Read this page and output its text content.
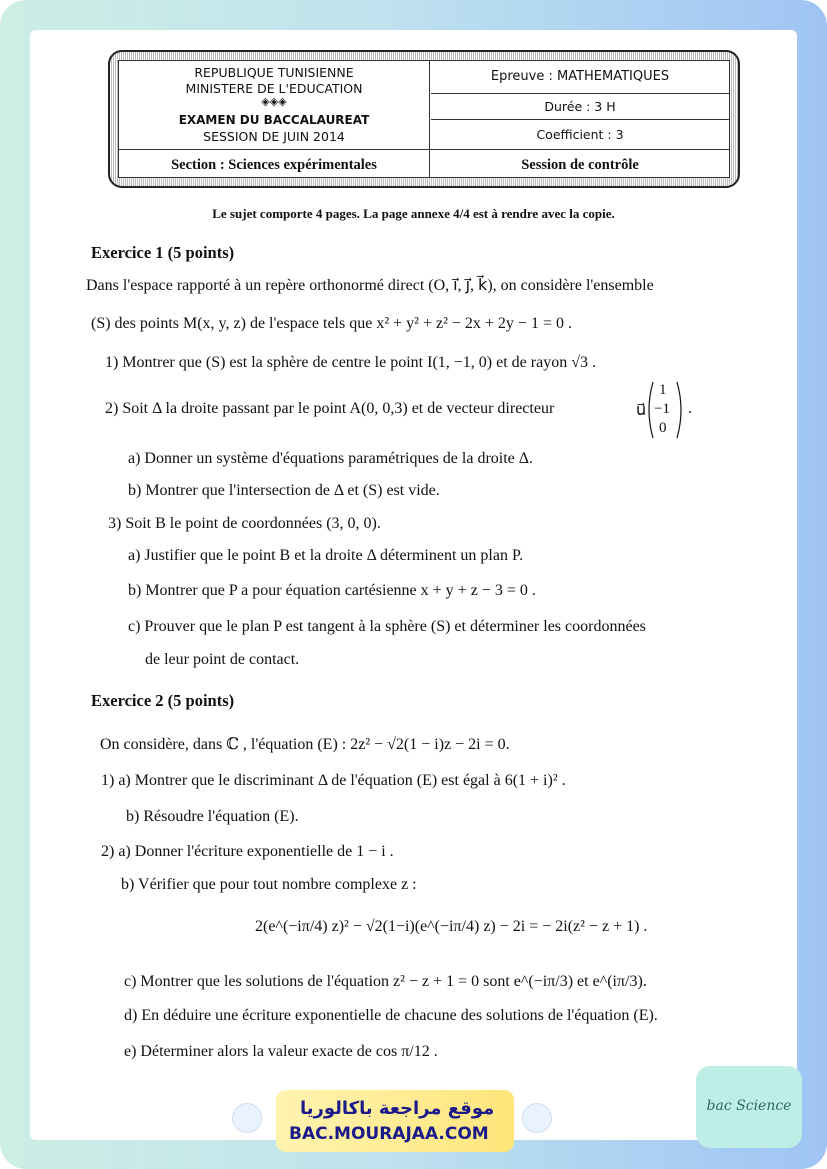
REPUBLIQUE TUNISIENNE
MINISTERE DE L'EDUCATION
◈◈◈
EXAMEN DU BACCALAUREAT
SESSION DE JUIN 2014
Section : Sciences expérimentales
Epreuve : MATHEMATIQUES
Durée : 3 H
Coefficient : 3
Session de contrôle
Le sujet comporte 4 pages. La page annexe 4/4 est à rendre avec la copie.
Exercice 1 (5 points)
Dans l'espace rapporté à un repère orthonormé direct (O, i⃗, j⃗, k⃗), on considère l'ensemble
(S) des points M(x, y, z) de l'espace tels que x² + y² + z² − 2x + 2y − 1 = 0 .
1) Montrer que (S) est la sphère de centre le point I(1, −1, 0) et de rayon √3 .
2) Soit Δ la droite passant par le point A(0, 0,3) et de vecteur directeur	u⃗
1
−1
0
.
a) Donner un système d'équations paramétriques de la droite Δ.
b) Montrer que l'intersection de Δ et (S) est vide.
3) Soit B le point de coordonnées (3, 0, 0).
a) Justifier que le point B et la droite Δ déterminent un plan P.
b) Montrer que P a pour équation cartésienne x + y + z − 3 = 0 .
c) Prouver que le plan P est tangent à la sphère (S) et déterminer les coordonnées
de leur point de contact.
Exercice 2 (5 points)
On considère, dans ℂ , l'équation (E) : 2z² − √2(1 − i)z − 2i = 0.
1) a) Montrer que le discriminant Δ de l'équation (E) est égal à 6(1 + i)² .
b) Résoudre l'équation (E).
2) a) Donner l'écriture exponentielle de 1 − i .
b) Vérifier que pour tout nombre complexe z :
2(e^(−iπ/4) z)² − √2(1−i)(e^(−iπ/4) z) − 2i = − 2i(z² − z + 1) .
c) Montrer que les solutions de l'équation z² − z + 1 = 0 sont e^(−iπ/3) et e^(iπ/3).
d) En déduire une écriture exponentielle de chacune des solutions de l'équation (E).
e) Déterminer alors la valeur exacte de cos π/12 .
موقع مراجعة باكالوريا
BAC.MOURAJAA.COM
bac Science
